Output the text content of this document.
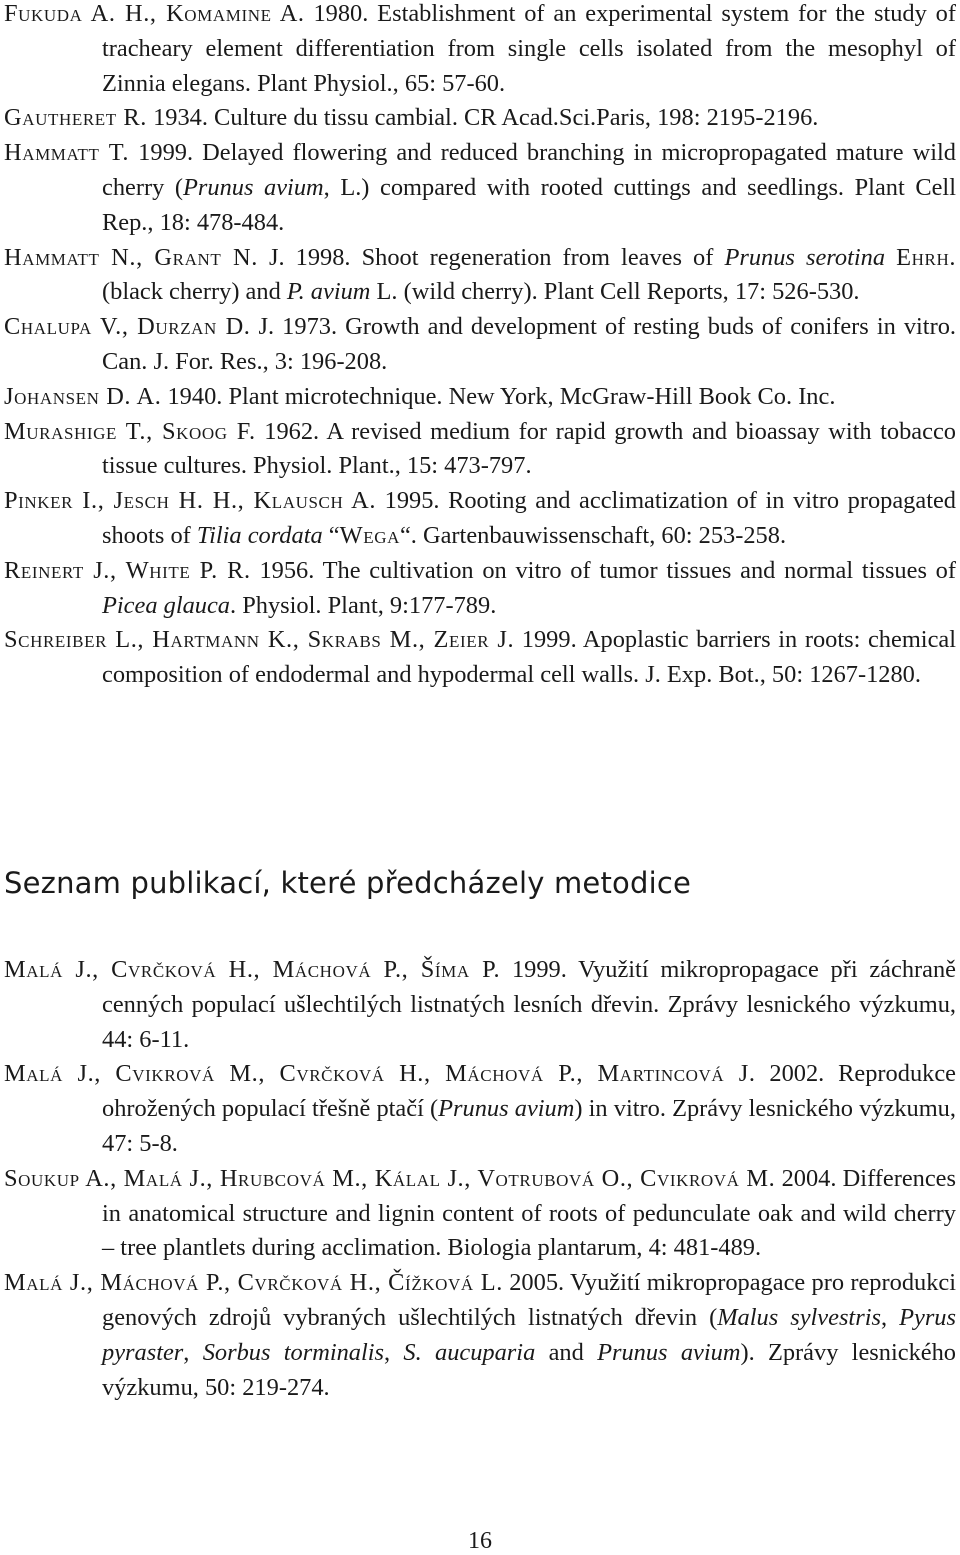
Fukuda A. H., Komamine A. 1980. Establishment of an experimental system for the study of tracheary element differentiation from single cells isolated from the mesophyl of Zinnia elegans. Plant Physiol., 65: 57-60.

Gautheret R. 1934. Culture du tissu cambial. CR Acad.Sci.Paris, 198: 2195-2196.

Hammatt T. 1999. Delayed flowering and reduced branching in micropropagated mature wild cherry (Prunus avium, L.) compared with rooted cuttings and seedlings. Plant Cell Rep., 18: 478-484.

Hammatt N., Grant N. J. 1998. Shoot regeneration from leaves of Prunus serotina Ehrh. (black cherry) and P. avium L. (wild cherry). Plant Cell Reports, 17: 526-530.

Chalupa V., Durzan D. J. 1973. Growth and development of resting buds of conifers in vitro. Can. J. For. Res., 3: 196-208.

Johansen D. A. 1940. Plant microtechnique. New York, McGraw-Hill Book Co. Inc.

Murashige T., Skoog F. 1962. A revised medium for rapid growth and bioassay with tobacco tissue cultures. Physiol. Plant., 15: 473-797.

Pinker I., Jesch H. H., Klausch A. 1995. Rooting and acclimatization of in vitro propagated shoots of Tilia cordata “Wega“. Gartenbauwissenschaft, 60: 253-258.

Reinert J., White P. R. 1956. The cultivation on vitro of tumor tissues and normal tissues of Picea glauca. Physiol. Plant, 9:177-789.

Schreiber L., Hartmann K., Skrabs M., Zeier J. 1999. Apoplastic barriers in roots: chemical composition of endodermal and hypodermal cell walls. J. Exp. Bot., 50: 1267-1280.

Seznam publikací, které předcházely metodice

Malá J., Cvrčková H., Máchová P., Šíma P. 1999. Využití mikropropagace při záchraně cenných populací ušlechtilých listnatých lesních dřevin. Zprávy lesnického výzkumu, 44: 6-11.

Malá J., Cvikrová M., Cvrčková H., Máchová P., Martincová J. 2002. Reprodukce ohrožených populací třešně ptačí (Prunus avium) in vitro. Zprávy lesnického výzkumu, 47: 5-8.

Soukup A., Malá J., Hrubcová M., Kálal J., Votrubová O., Cvikrová M. 2004. Differences in anatomical structure and lignin content of roots of pedunculate oak and wild cherry – tree plantlets during acclimation. Biologia plantarum, 4: 481-489.

Malá J., Máchová P., Cvrčková H., Čížková L. 2005. Využití mikropropagace pro reprodukci genových zdrojů vybraných ušlechtilých listnatých dřevin (Malus sylvestris, Pyrus pyraster, Sorbus torminalis, S. aucuparia and Prunus avium). Zprávy lesnického výzkumu, 50: 219-274.

16
